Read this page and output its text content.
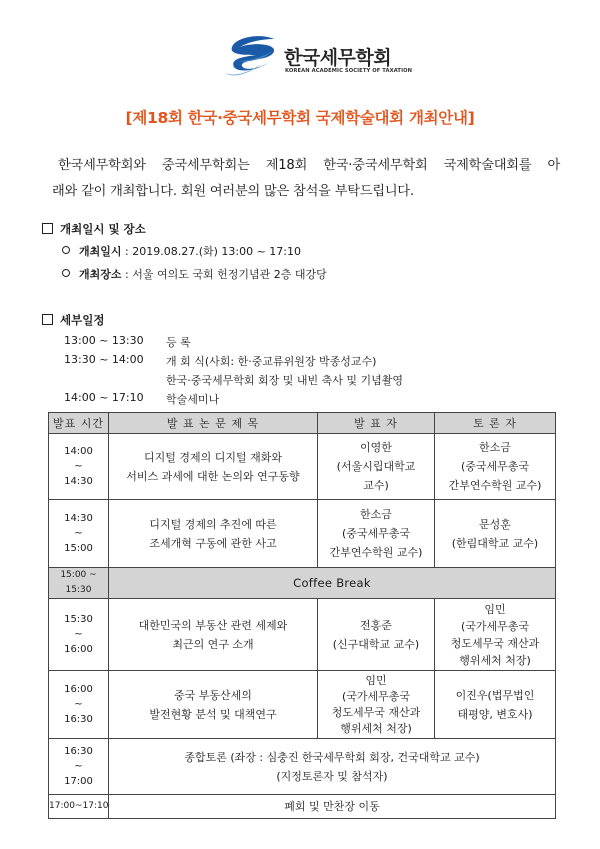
한국세무학회
KOREAN ACADEMIC SOCIETY OF TAXATION
[제18회 한국·중국세무학회 국제학술대회 개최안내]
한국세무학회와 중국세무학회는 제18회 한국·중국세무학회 국제학술대회를 아
래와 같이 개최합니다. 회원 여러분의 많은 참석을 부탁드립니다.
개최일시 및 장소
개최일시 : 2019.08.27.(화) 13:00 ~ 17:10
개최장소 : 서울 여의도 국회 헌정기념관 2층 대강당
세부일정
13:00 ~ 13:30 등 록
13:30 ~ 14:00 개 회 식(사회: 한·중교류위원장 박종성교수)
한국·중국세무학회 회장 및 내빈 축사 및 기념촬영
14:00 ~ 17:10 학술세미나
발표 시간	발 표 논 문 제 목	발 표 자	토 론 자

14:00
~
14:30	디지털 경제의 디지털 재화와
서비스 과세에 대한 논의와 연구동향	이영한
(서울시립대학교
교수)	한소금
(중국세무총국
간부연수학원 교수)

14:30
~
15:00	디지털 경제의 추진에 따른
조세개혁 구동에 관한 사고	한소금
(중국세무총국
간부연수학원 교수)	문성훈
(한림대학교 교수)

15:00 ~ 15:30	Coffee Break		

15:30
~
16:00	대한민국의 부동산 관련 세제와
최근의 연구 소개	전홍준
(신구대학교 교수)	임민
(국가세무총국
청도세무국 재산과
행위세처 처장)

16:00
~
16:30	중국 부동산세의
발전현황 분석 및 대책연구	임민
(국가세무총국
청도세무국 재산과
행위세처 처장)	이진우(법무법인
태평양, 변호사)

16:30
~
17:00	종합토론 (좌장 : 심충진 한국세무학회 회장, 건국대학교 교수)
(지정토론자 및 참석자)		

17:00~17:10	폐회 및 만찬장 이동		
